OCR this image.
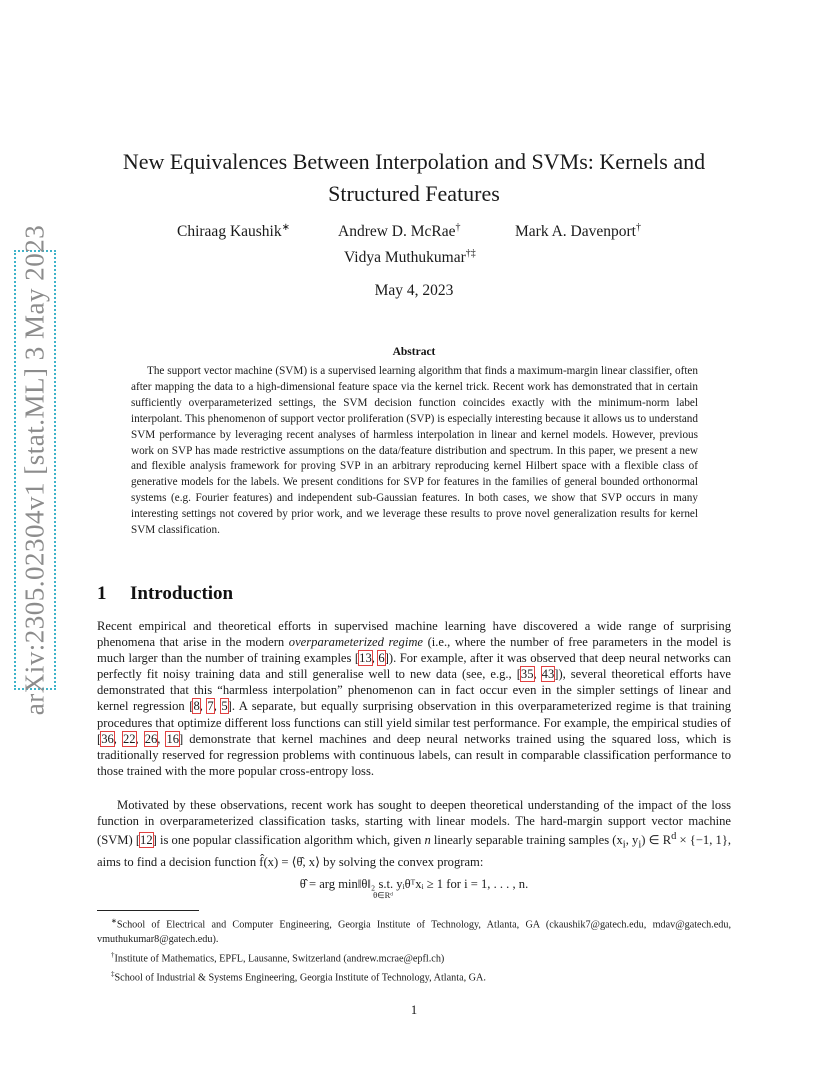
arXiv:2305.02304v1 [stat.ML] 3 May 2023
New Equivalences Between Interpolation and SVMs: Kernels and
Structured Features
Chiraag Kaushik∗	Andrew D. McRae†	Mark A. Davenport†
Vidya Muthukumar†‡
May 4, 2023
Abstract

The support vector machine (SVM) is a supervised learning algorithm that finds a maximum-margin linear classifier, often after mapping the data to a high-dimensional feature space via the kernel trick. Recent work has demonstrated that in certain sufficiently overparameterized settings, the SVM decision function coincides exactly with the minimum-norm label interpolant. This phenomenon of support vector proliferation (SVP) is especially interesting because it allows us to understand SVM performance by leveraging recent analyses of harmless interpolation in linear and kernel models. However, previous work on SVP has made restrictive assumptions on the data/feature distribution and spectrum. In this paper, we present a new and flexible analysis framework for proving SVP in an arbitrary reproducing kernel Hilbert space with a flexible class of generative models for the labels. We present conditions for SVP for features in the families of general bounded orthonormal systems (e.g. Fourier features) and independent sub-Gaussian features. In both cases, we show that SVP occurs in many interesting settings not covered by prior work, and we leverage these results to prove novel generalization results for kernel SVM classification.

1 Introduction

Recent empirical and theoretical efforts in supervised machine learning have discovered a wide range of surprising phenomena that arise in the modern overparameterized regime (i.e., where the number of free parameters in the model is much larger than the number of training examples [13, 6]). For example, after it was observed that deep neural networks can perfectly fit noisy training data and still generalise well to new data (see, e.g., [35, 43]), several theoretical efforts have demonstrated that this “harmless interpolation” phenomenon can in fact occur even in the simpler settings of linear and kernel regression [8, 7, 5]. A separate, but equally surprising observation in this overparameterized regime is that training procedures that optimize different loss functions can still yield similar test performance. For example, the empirical studies of [36, 22, 26, 16] demonstrate that kernel machines and deep neural networks trained using the squared loss, which is traditionally reserved for regression problems with continuous labels, can result in comparable classification performance to those trained with the more popular cross-entropy loss.

Motivated by these observations, recent work has sought to deepen theoretical understanding of the impact of the loss function in overparameterized classification tasks, starting with linear models. The hard-margin support vector machine (SVM) [12] is one popular classification algorithm which, given n linearly separable training samples ($x_i$, $y_i$) ∈ $R^d \times \{-1$, 1}, aims to find a decision function f̂(x) = ⟨θ̂, x⟩ by solving the convex program:

θ̂ = arg min‖θ‖₂ s.t. yᵢθᵀxᵢ ≥ 1 for i = 1, . . . , n.
θ∈Rᵈ

∗School of Electrical and Computer Engineering, Georgia Institute of Technology, Atlanta, GA (ckaushik7@gatech.edu, mdav@gatech.edu, vmuthukumar8@gatech.edu).

†Institute of Mathematics, EPFL, Lausanne, Switzerland (andrew.mcrae@epfl.ch)

‡School of Industrial & Systems Engineering, Georgia Institute of Technology, Atlanta, GA.

1
